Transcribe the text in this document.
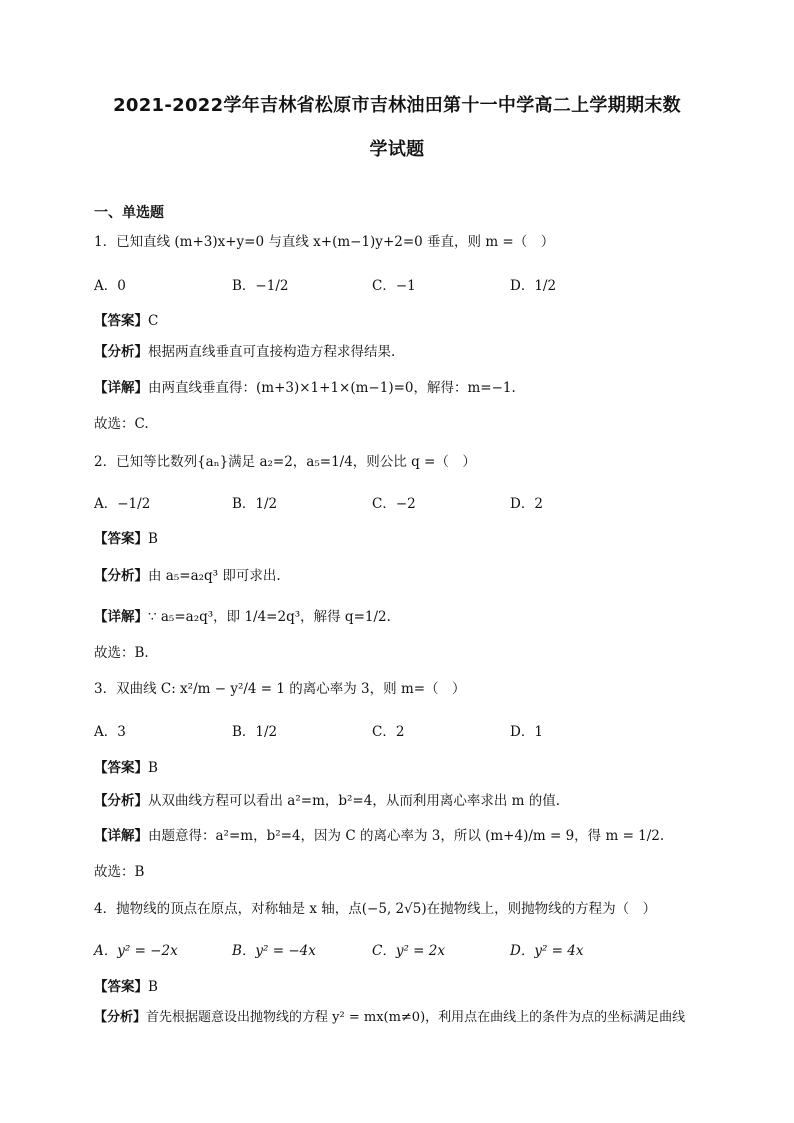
2021-2022学年吉林省松原市吉林油田第十一中学高二上学期期末数
学试题
一、单选题
1．已知直线 (m+3)x+y=0 与直线 x+(m−1)y+2=0 垂直，则 m =（　）
A．0	B．−1/2	C．−1	D．1/2
【答案】C
【分析】根据两直线垂直可直接构造方程求得结果.
【详解】由两直线垂直得：(m+3)×1+1×(m−1)=0，解得：m=−1.
故选：C.
2．已知等比数列{aₙ}满足 a₂=2，a₅=1/4，则公比 q =（　）
A．−1/2	B．1/2	C．−2	D．2
【答案】B
【分析】由 a₅=a₂q³ 即可求出.
【详解】∵ a₅=a₂q³，即 1/4=2q³，解得 q=1/2.
故选：B.
3．双曲线 C: x²/m − y²/4 = 1 的离心率为 3，则 m=（　）
A．3	B．1/2	C．2	D．1
【答案】B
【分析】从双曲线方程可以看出 a²=m，b²=4，从而利用离心率求出 m 的值.
【详解】由题意得：a²=m，b²=4，因为 C 的离心率为 3，所以 (m+4)/m = 9，得 m = 1/2.
故选：B
4．抛物线的顶点在原点，对称轴是 x 轴，点(−5, 2√5)在抛物线上，则抛物线的方程为（　）
A．y² = −2x	B．y² = −4x	C．y² = 2x	D．y² = 4x
【答案】B
【分析】首先根据题意设出抛物线的方程 y² = mx(m≠0)，利用点在曲线上的条件为点的坐标满足曲线
